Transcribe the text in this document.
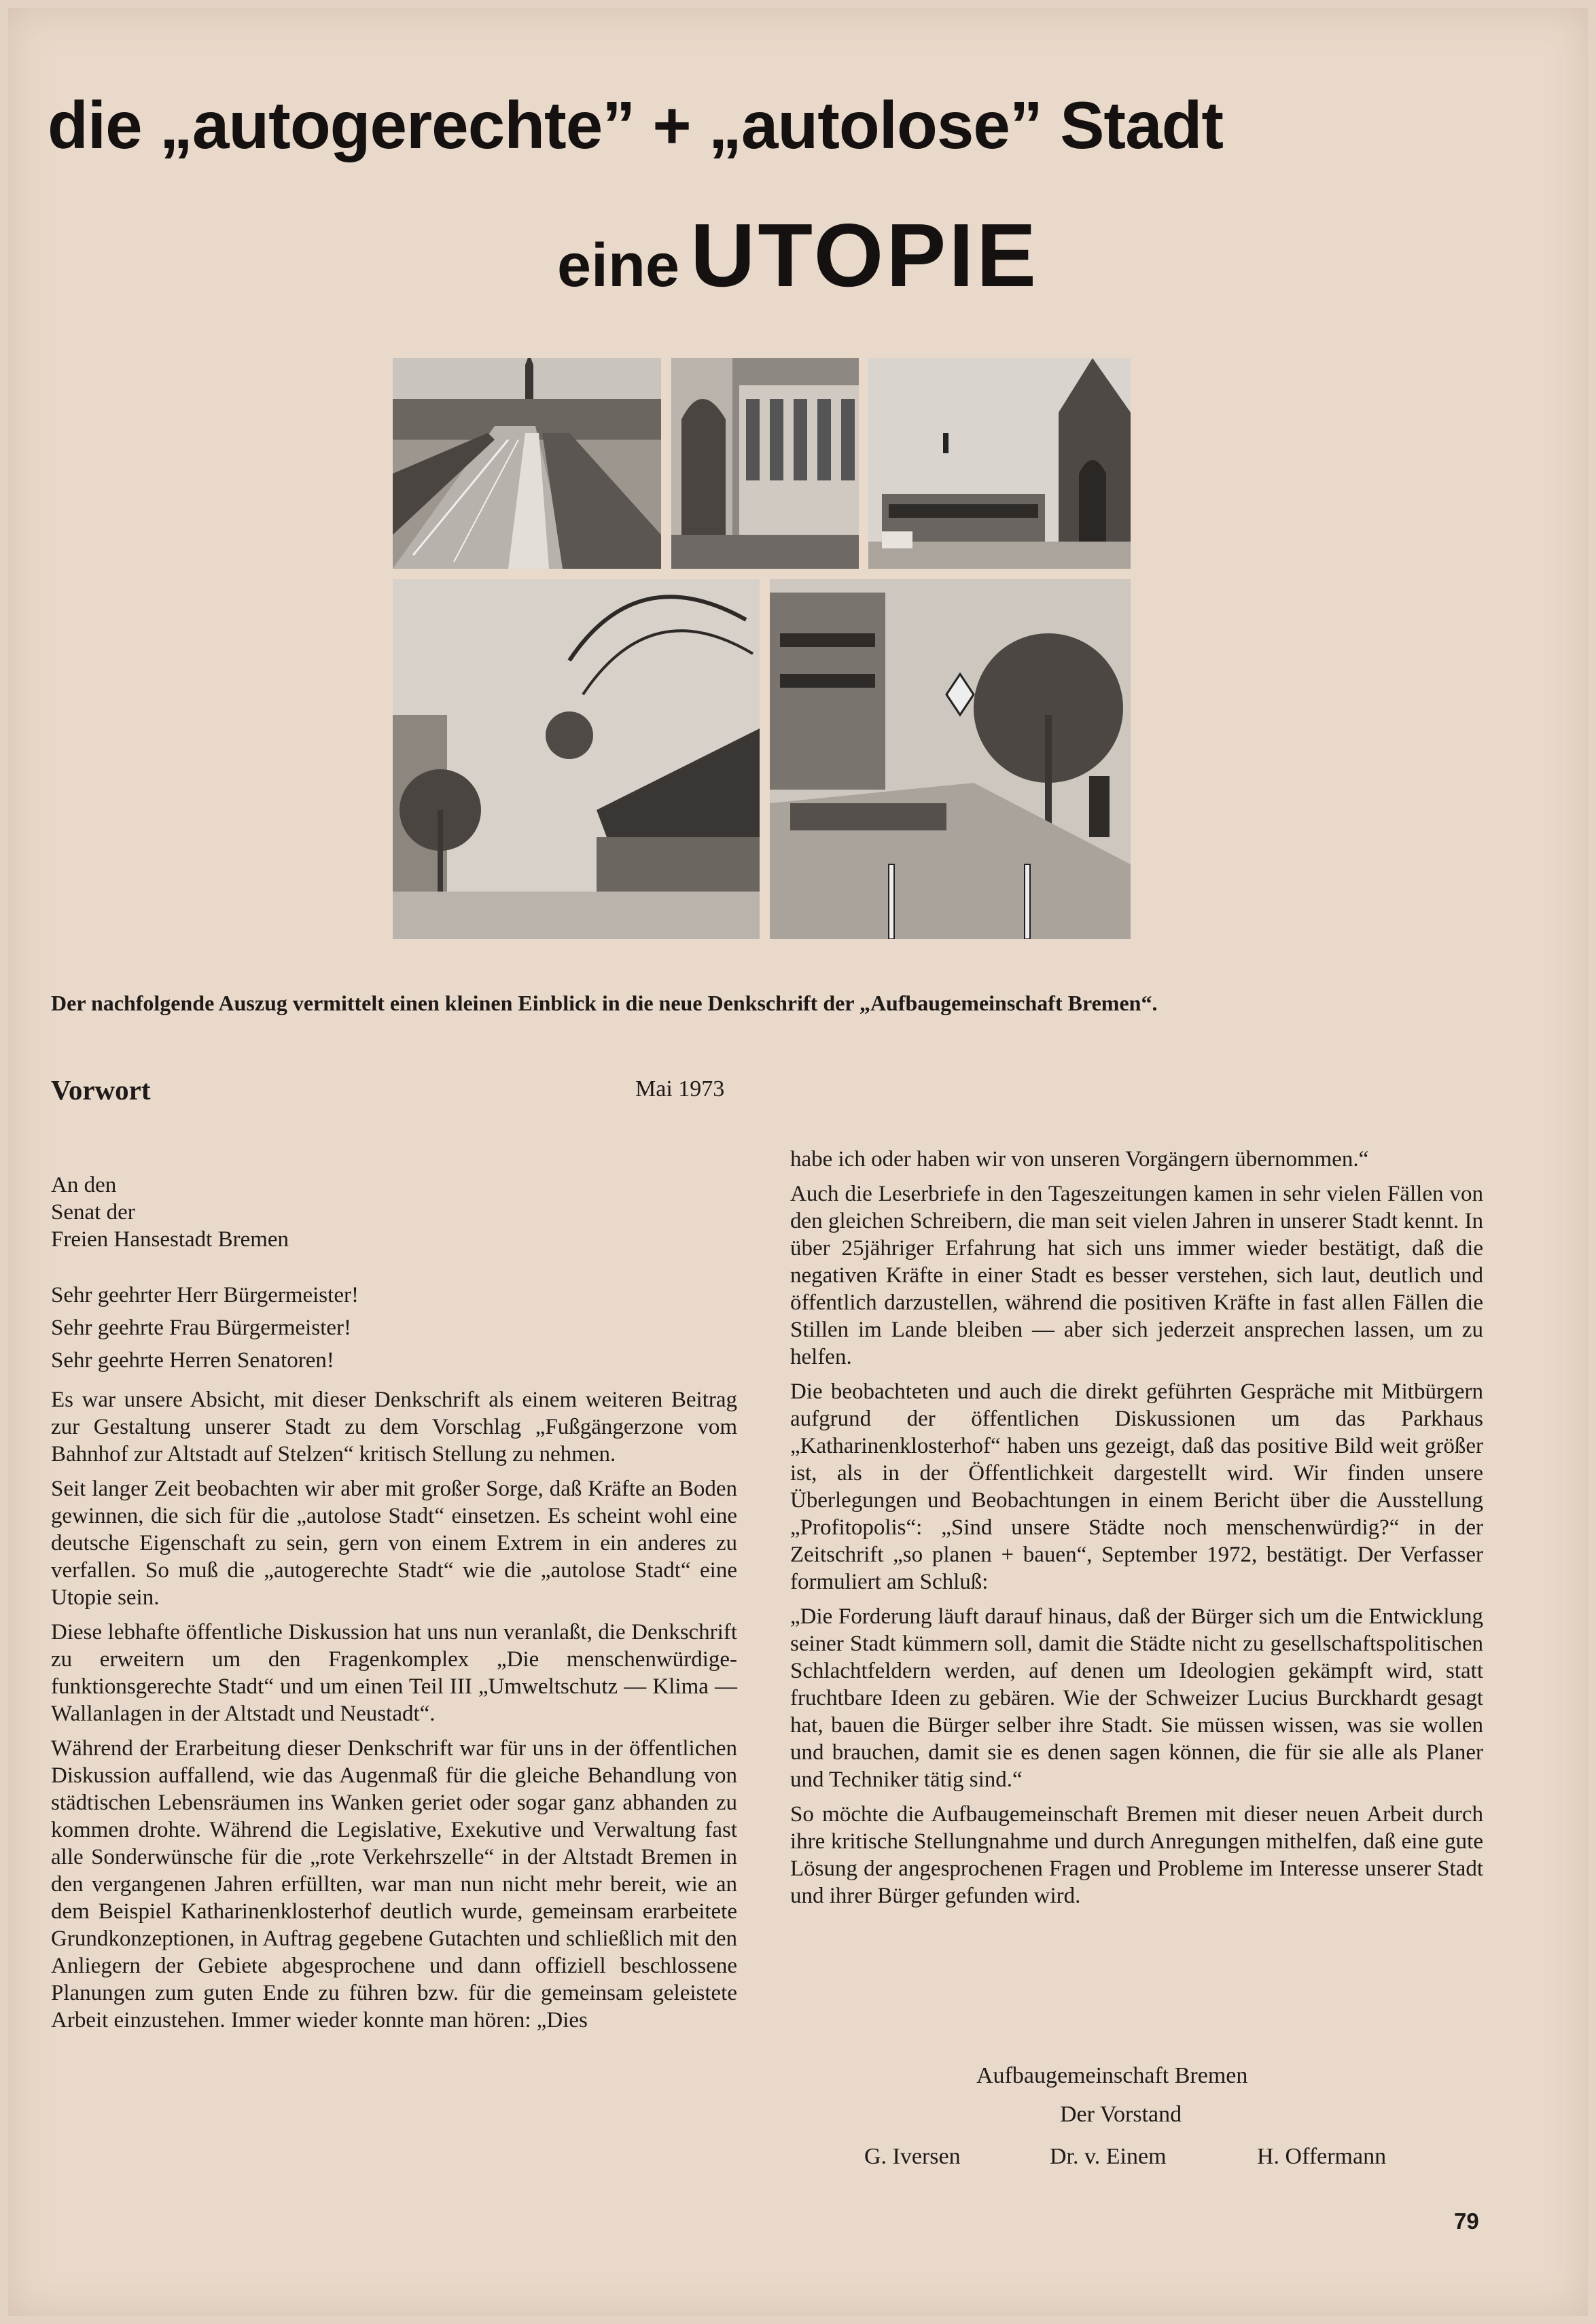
die „autogerechte” + „autolose” Stadt
eine UTOPIE
Der nachfolgende Auszug vermittelt einen kleinen Einblick in die neue Denkschrift der „Aufbaugemeinschaft Bremen“.
Vorwort	Mai 1973

An den
Senat der
Freien Hansestadt Bremen

Sehr geehrter Herr Bürgermeister!

Sehr geehrte Frau Bürgermeister!

Sehr geehrte Herren Senatoren!

Es war unsere Absicht, mit dieser Denkschrift als einem weiteren Beitrag zur Gestaltung unserer Stadt zu dem Vorschlag „Fußgängerzone vom Bahnhof zur Altstadt auf Stelzen“ kritisch Stellung zu nehmen.

Seit langer Zeit beobachten wir aber mit großer Sorge, daß Kräfte an Boden gewinnen, die sich für die „autolose Stadt“ einsetzen. Es scheint wohl eine deutsche Eigenschaft zu sein, gern von einem Extrem in ein anderes zu verfallen. So muß die „autogerechte Stadt“ wie die „autolose Stadt“ eine Utopie sein.

Diese lebhafte öffentliche Diskussion hat uns nun veranlaßt, die Denkschrift zu erweitern um den Fragenkomplex „Die menschenwürdige-funktionsgerechte Stadt“ und um einen Teil III „Umweltschutz — Klima — Wallanlagen in der Altstadt und Neustadt“.

Während der Erarbeitung dieser Denkschrift war für uns in der öffentlichen Diskussion auffallend, wie das Augenmaß für die gleiche Behandlung von städtischen Lebensräumen ins Wanken geriet oder sogar ganz abhanden zu kommen drohte. Während die Legislative, Exekutive und Verwaltung fast alle Sonderwünsche für die „rote Verkehrszelle“ in der Altstadt Bremen in den vergangenen Jahren erfüllten, war man nun nicht mehr bereit, wie an dem Beispiel Katharinenklosterhof deutlich wurde, gemeinsam erarbeitete Grundkonzeptionen, in Auftrag gegebene Gutachten und schließlich mit den Anliegern der Gebiete abgesprochene und dann offiziell beschlossene Planungen zum guten Ende zu führen bzw. für die gemeinsam geleistete Arbeit einzustehen. Immer wieder konnte man hören: „Dies

habe ich oder haben wir von unseren Vorgängern übernommen.“

Auch die Leserbriefe in den Tageszeitungen kamen in sehr vielen Fällen von den gleichen Schreibern, die man seit vielen Jahren in unserer Stadt kennt. In über 25jähriger Erfahrung hat sich uns immer wieder bestätigt, daß die negativen Kräfte in einer Stadt es besser verstehen, sich laut, deutlich und öffentlich darzustellen, während die positiven Kräfte in fast allen Fällen die Stillen im Lande bleiben — aber sich jederzeit ansprechen lassen, um zu helfen.

Die beobachteten und auch die direkt geführten Gespräche mit Mitbürgern aufgrund der öffentlichen Diskussionen um das Parkhaus „Katharinenklosterhof“ haben uns gezeigt, daß das positive Bild weit größer ist, als in der Öffentlichkeit dargestellt wird. Wir finden unsere Überlegungen und Beobachtungen in einem Bericht über die Ausstellung „Profitopolis“: „Sind unsere Städte noch menschenwürdig?“ in der Zeitschrift „so planen + bauen“, September 1972, bestätigt. Der Verfasser formuliert am Schluß:

„Die Forderung läuft darauf hinaus, daß der Bürger sich um die Entwicklung seiner Stadt kümmern soll, damit die Städte nicht zu gesellschaftspolitischen Schlachtfeldern werden, auf denen um Ideologien gekämpft wird, statt fruchtbare Ideen zu gebären. Wie der Schweizer Lucius Burckhardt gesagt hat, bauen die Bürger selber ihre Stadt. Sie müssen wissen, was sie wollen und brauchen, damit sie es denen sagen können, die für sie alle als Planer und Techniker tätig sind.“

So möchte die Aufbaugemeinschaft Bremen mit dieser neuen Arbeit durch ihre kritische Stellungnahme und durch Anregungen mithelfen, daß eine gute Lösung der angesprochenen Fragen und Probleme im Interesse unserer Stadt und ihrer Bürger gefunden wird.

Aufbaugemeinschaft Bremen
Der Vorstand
G. Iversen	Dr. v. Einem	H. Offermann
79
